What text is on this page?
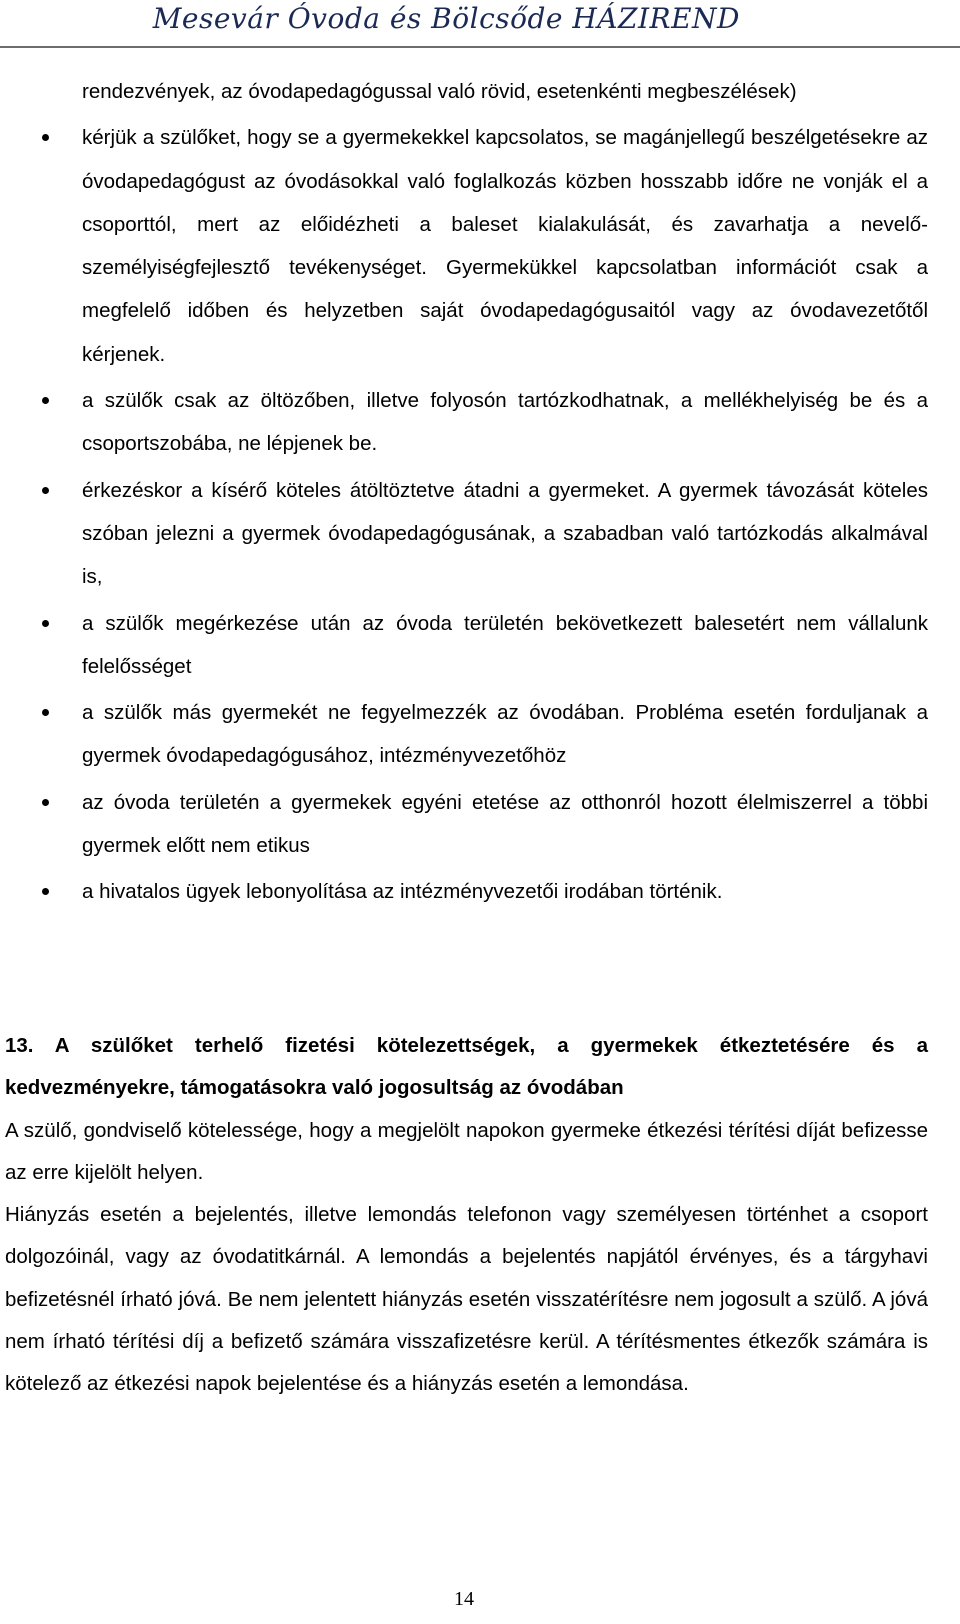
Mesevár Óvoda és Bölcsőde HÁZIREND
rendezvények, az óvodapedagógussal való rövid, esetenkénti megbeszélések)
kérjük a szülőket, hogy se a gyermekekkel kapcsolatos, se magánjellegű beszélgetésekre az óvodapedagógust az óvodásokkal való foglalkozás közben hosszabb időre ne vonják el a csoporttól, mert az előidézheti a baleset kialakulását, és zavarhatja a nevelő- személyiségfejlesztő tevékenységet. Gyermekükkel kapcsolatban információt csak a megfelelő időben és helyzetben saját óvodapedagógusaitól vagy az óvodavezetőtől kérjenek.
a szülők csak az öltözőben, illetve folyosón tartózkodhatnak, a mellékhelyiség be és a csoportszobába, ne lépjenek be.
érkezéskor a kísérő köteles átöltöztetve átadni a gyermeket. A gyermek távozását köteles szóban jelezni a gyermek óvodapedagógusának, a szabadban való tartózkodás alkalmával is,
a szülők megérkezése után az óvoda területén bekövetkezett balesetért nem vállalunk felelősséget
a szülők más gyermekét ne fegyelmezzék az óvodában. Probléma esetén forduljanak a gyermek óvodapedagógusához, intézményvezetőhöz
az óvoda területén a gyermekek egyéni etetése az otthonról hozott élelmiszerrel a többi gyermek előtt nem etikus
a hivatalos ügyek lebonyolítása az intézményvezetői irodában történik.

13. A szülőket terhelő fizetési kötelezettségek, a gyermekek étkeztetésére és a kedvezményekre, támogatásokra való jogosultság az óvodában

A szülő, gondviselő kötelessége, hogy a megjelölt napokon gyermeke étkezési térítési díját befizesse az erre kijelölt helyen.

Hiányzás esetén a bejelentés, illetve lemondás telefonon vagy személyesen történhet a csoport dolgozóinál, vagy az óvodatitkárnál. A lemondás a bejelentés napjától érvényes, és a tárgyhavi befizetésnél írható jóvá. Be nem jelentett hiányzás esetén visszatérítésre nem jogosult a szülő. A jóvá nem írható térítési díj a befizető számára visszafizetésre kerül. A térítésmentes étkezők számára is kötelező az étkezési napok bejelentése és a hiányzás esetén a lemondása.

14
